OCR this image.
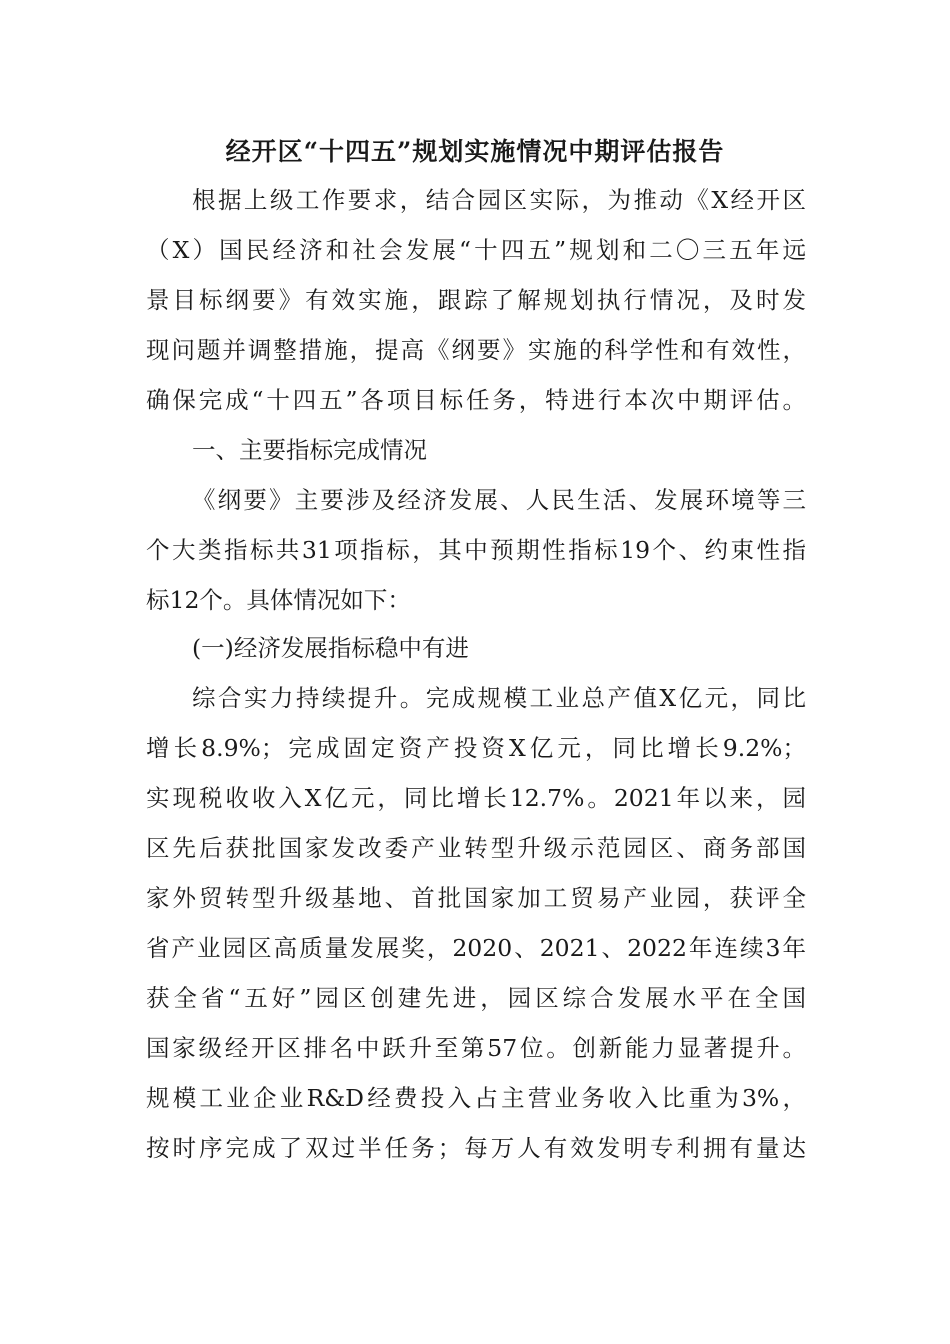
经开区“十四五”规划实施情况中期评估报告

根据上级工作要求，结合园区实际，为推动《X经开区

（X）国民经济和社会发展“十四五”规划和二〇三五年远

景目标纲要》有效实施，跟踪了解规划执行情况，及时发

现问题并调整措施，提高《纲要》实施的科学性和有效性，

确保完成“十四五”各项目标任务，特进行本次中期评估。

一、主要指标完成情况

《纲要》主要涉及经济发展、人民生活、发展环境等三

个大类指标共31项指标，其中预期性指标19个、约束性指

标12个。具体情况如下：

(一)经济发展指标稳中有进

综合实力持续提升。完成规模工业总产值X亿元，同比

增长8.9%；完成固定资产投资X亿元，同比增长9.2%；

实现税收收入X亿元，同比增长12.7%。2021年以来，园

区先后获批国家发改委产业转型升级示范园区、商务部国

家外贸转型升级基地、首批国家加工贸易产业园，获评全

省产业园区高质量发展奖，2020、2021、2022年连续3年

获全省“五好”园区创建先进，园区综合发展水平在全国

国家级经开区排名中跃升至第57位。创新能力显著提升。

规模工业企业R&D经费投入占主营业务收入比重为3%，

按时序完成了双过半任务；每万人有效发明专利拥有量达
